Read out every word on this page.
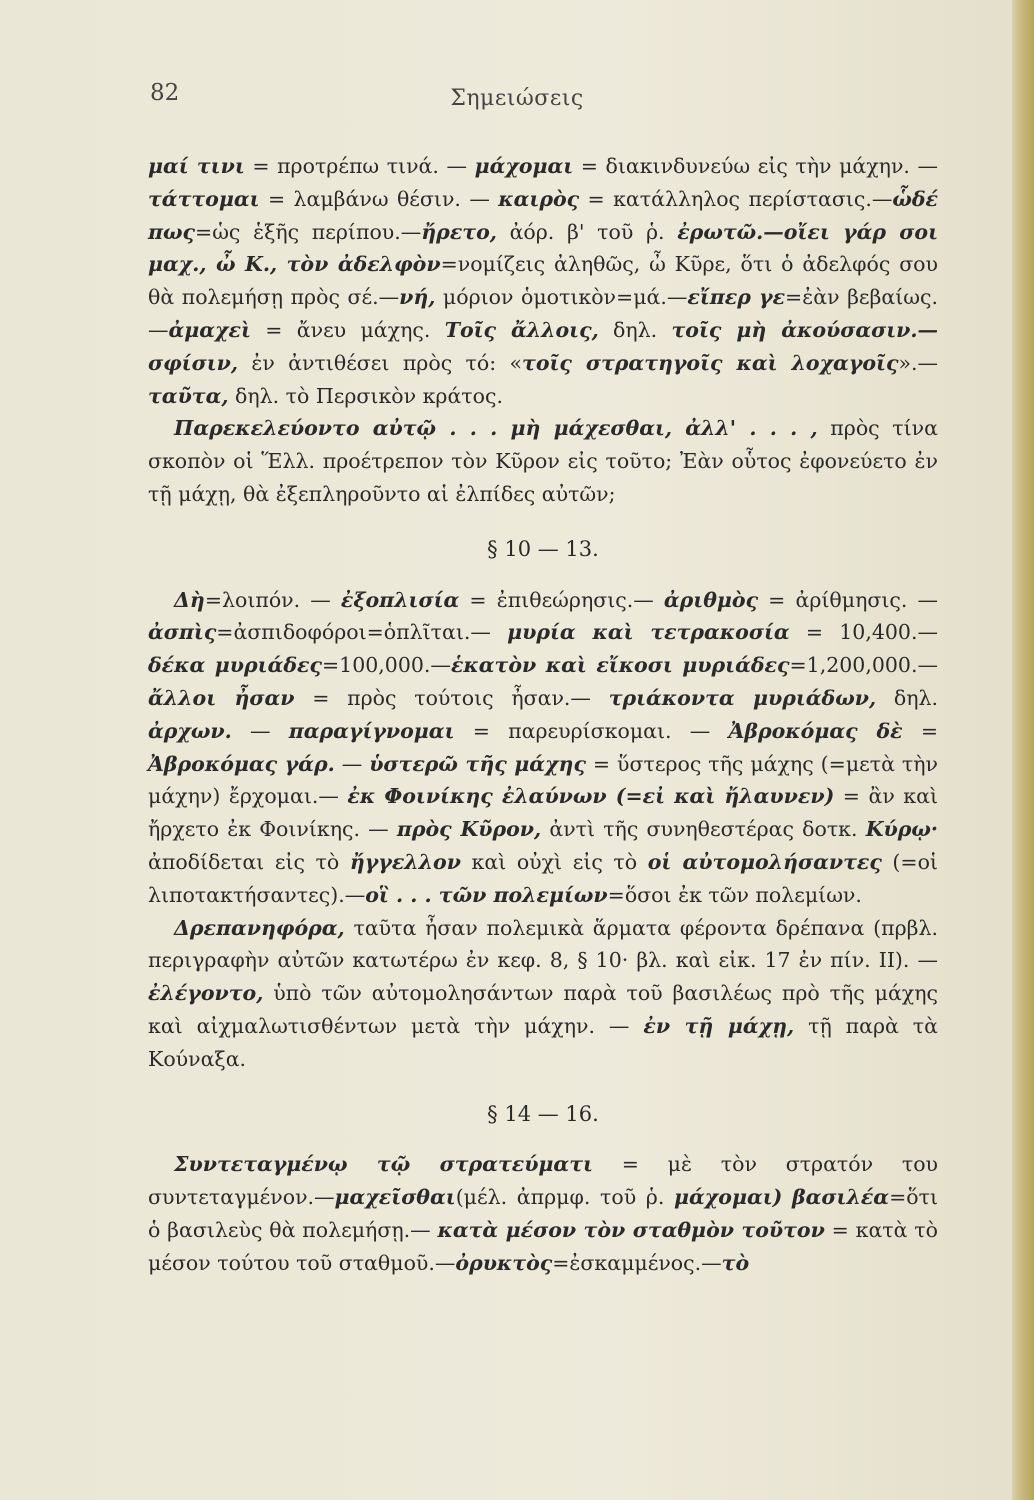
82	Σημειώσεις

μαί τινι = προτρέπω τινά. — μάχομαι = διακινδυνεύω εἰς τὴν μάχην. — τάττομαι = λαμβάνω θέσιν. — καιρὸς = κατάλληλος περίστασις.—ὧδέ πως=ὡς ἑξῆς περίπου.—ἤρετο, ἀόρ. β' τοῦ ῥ. ἐρωτῶ.—οἴει γάρ σοι μαχ., ὦ Κ., τὸν ἀδελφὸν=νομίζεις ἀληθῶς, ὦ Κῦρε, ὅτι ὁ ἀδελφός σου θὰ πολεμήσῃ πρὸς σέ.—νή, μόριον ὁμοτικὸν=μά.—εἴπερ γε=ἐὰν βεβαίως.—ἀμαχεὶ = ἄνευ μάχης. Τοῖς ἄλλοις, δηλ. τοῖς μὴ ἀκούσασιν.—σφίσιν, ἐν ἀντιθέσει πρὸς τό: «τοῖς στρατηγοῖς καὶ λοχαγοῖς».—ταῦτα, δηλ. τὸ Περσικὸν κράτος.

Παρεκελεύοντο αὐτῷ . . . μὴ μάχεσθαι, ἀλλ' . . . , πρὸς τίνα σκοπὸν οἱ Ἕλλ. προέτρεπον τὸν Κῦρον εἰς τοῦτο; Ἐὰν οὗτος ἐφονεύετο ἐν τῇ μάχῃ, θὰ ἐξεπληροῦντο αἱ ἐλπίδες αὐτῶν;

§ 10 — 13.

Δὴ=λοιπόν. — ἐξοπλισία = ἐπιθεώρησις.— ἀριθμὸς = ἀρίθμησις. — ἀσπὶς=ἀσπιδοφόροι=ὁπλῖται.— μυρία καὶ τετρακοσία = 10,400.—δέκα μυριάδες=100,000.—ἑκατὸν καὶ εἴκοσι μυριάδες=1,200,000.—ἄλλοι ἦσαν = πρὸς τούτοις ἦσαν.— τριάκοντα μυριάδων, δηλ. ἀρχων. — παραγίγνομαι = παρευρίσκομαι. — Ἀβροκόμας δὲ = Ἀβροκόμας γάρ. — ὑστερῶ τῆς μάχης = ὕστερος τῆς μάχης (=μετὰ τὴν μάχην) ἔρχομαι.— ἐκ Φοινίκης ἐλαύνων (=εἰ καὶ ἤλαυνεν) = ἂν καὶ ἤρχετο ἐκ Φοινίκης. — πρὸς Κῦρον, ἀντὶ τῆς συνηθεστέρας δοτκ. Κύρῳ· ἀποδίδεται εἰς τὸ ἤγγελλον καὶ οὐχὶ εἰς τὸ οἱ αὐτομολήσαντες (=οἱ λιποτακτήσαντες).—οἳ . . . τῶν πολεμίων=ὅσοι ἐκ τῶν πολεμίων.

Δρεπανηφόρα, ταῦτα ἦσαν πολεμικὰ ἅρματα φέροντα δρέπανα (πρβλ. περιγραφὴν αὐτῶν κατωτέρω ἐν κεφ. 8, § 10· βλ. καὶ εἰκ. 17 ἐν πίν. II). — ἐλέγοντο, ὑπὸ τῶν αὐτομολησάντων παρὰ τοῦ βασιλέως πρὸ τῆς μάχης καὶ αἰχμαλωτισθέντων μετὰ τὴν μάχην. — ἐν τῇ μάχῃ, τῇ παρὰ τὰ Κούναξα.

§ 14 — 16.

Συντεταγμένῳ τῷ στρατεύματι = μὲ τὸν στρατόν του συντεταγμένον.—μαχεῖσθαι(μέλ. ἀπρμφ. τοῦ ῥ. μάχομαι) βασιλέα=ὅτι ὁ βασιλεὺς θὰ πολεμήσῃ.— κατὰ μέσον τὸν σταθμὸν τοῦτον = κατὰ τὸ μέσον τούτου τοῦ σταθμοῦ.—ὀρυκτὸς=ἐσκαμμένος.—τὸ
